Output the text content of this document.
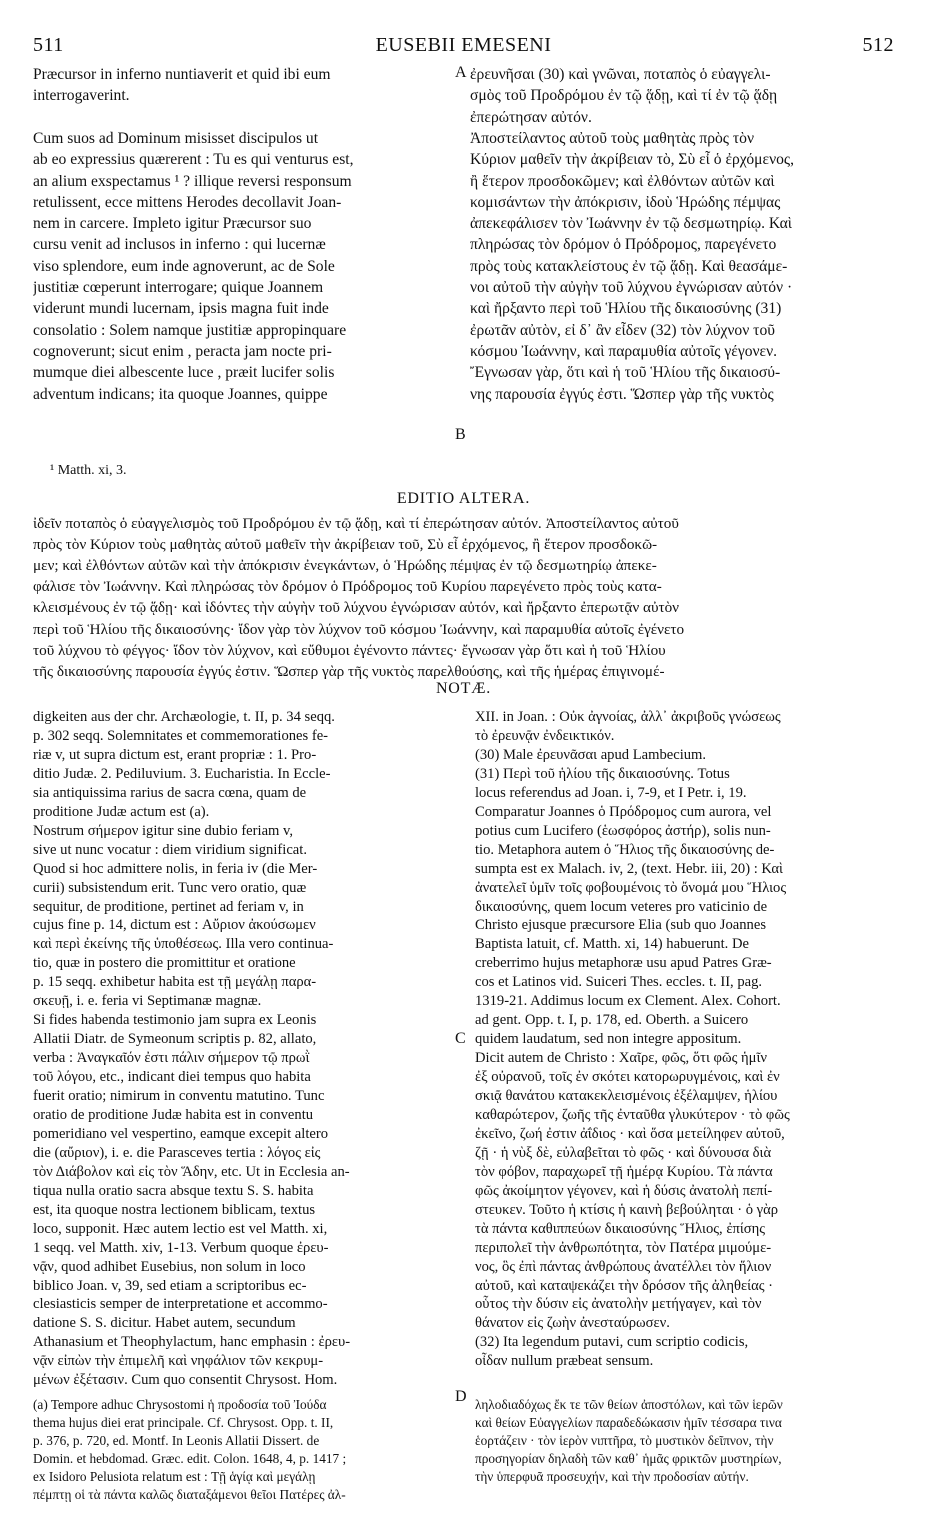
511	EUSEBII EMESENI	512
A
B
C
D
Præcursor in inferno nuntiaverit et quid ibi eum
interrogaverint.
Cum suos ad Dominum misisset discipulos ut
ab eo expressius quærerent : Tu es qui venturus est,
an alium exspectamus ¹ ? illique reversi responsum
retulissent, ecce mittens Herodes decollavit Joan-
nem in carcere. Impleto igitur Præcursor suo
cursu venit ad inclusos in inferno : qui lucernæ
viso splendore, eum inde agnoverunt, ac de Sole
justitiæ cœperunt interrogare; quique Joannem
viderunt mundi lucernam, ipsis magna fuit inde
consolatio : Solem namque justitiæ appropinquare
cognoverunt; sicut enim , peracta jam nocte pri-
mumque diei albescente luce , præit lucifer solis
adventum indicans; ita quoque Joannes, quippe
ἐρευνῆσαι (30) καὶ γνῶναι, ποταπὸς ὁ εὐαγγελι-
σμὸς τοῦ Προδρόμου ἐν τῷ ᾅδῃ, καὶ τί ἐν τῷ ᾅδῃ
ἐπερώτησαν αὐτόν.
Ἀποστείλαντος αὐτοῦ τοὺς μαθητὰς πρὸς τὸν
Κύριον μαθεῖν τὴν ἀκρίβειαν τὸ, Σὺ εἶ ὁ ἐρχόμενος,
ἢ ἕτερον προσδοκῶμεν; καὶ ἐλθόντων αὐτῶν καὶ
κομισάντων τὴν ἀπόκρισιν, ἰδοὺ Ἡρώδης πέμψας
ἀπεκεφάλισεν τὸν Ἰωάννην ἐν τῷ δεσμωτηρίῳ. Καὶ
πληρώσας τὸν δρόμον ὁ Πρόδρομος, παρεγένετο
πρὸς τοὺς κατακλείστους ἐν τῷ ᾅδῃ. Καὶ θεασάμε-
νοι αὐτοῦ τὴν αὐγὴν τοῦ λύχνου ἐγνώρισαν αὐτόν ·
καὶ ἤρξαντο περὶ τοῦ Ἡλίου τῆς δικαιοσύνης (31)
ἐρωτᾶν αὐτὸν, εἰ δ᾽ ἂν εἶδεν (32) τὸν λύχνον τοῦ
κόσμου Ἰωάννην, καὶ παραμυθία αὐτοῖς γέγονεν.
Ἔγνωσαν γὰρ, ὅτι καὶ ἡ τοῦ Ἡλίου τῆς δικαιοσύ-
νης παρουσία ἐγγύς ἐστι. Ὥσπερ γὰρ τῆς νυκτὸς
¹ Matth. xi, 3.
EDITIO ALTERA.
ἰδεῖν ποταπὸς ὁ εὐαγγελισμὸς τοῦ Προδρόμου ἐν τῷ ᾅδῃ, καὶ τί ἐπερώτησαν αὐτόν. Ἀποστείλαντος αὐτοῦ
πρὸς τὸν Κύριον τοὺς μαθητὰς αὐτοῦ μαθεῖν τὴν ἀκρίβειαν τοῦ, Σὺ εἶ ἐρχόμενος, ἢ ἕτερον προσδοκῶ-
μεν; καὶ ἐλθόντων αὐτῶν καὶ τὴν ἀπόκρισιν ἐνεγκάντων, ὁ Ἡρώδης πέμψας ἐν τῷ δεσμωτηρίῳ ἀπεκε-
φάλισε τὸν Ἰωάννην. Καὶ πληρώσας τὸν δρόμον ὁ Πρόδρομος τοῦ Κυρίου παρεγένετο πρὸς τοὺς κατα-
κλεισμένους ἐν τῷ ᾅδῃ· καὶ ἰδόντες τὴν αὐγὴν τοῦ λύχνου ἐγνώρισαν αὐτόν, καὶ ἤρξαντο ἐπερωτᾷν αὐτὸν
περὶ τοῦ Ἡλίου τῆς δικαιοσύνης· ἴδον γὰρ τὸν λύχνον τοῦ κόσμου Ἰωάννην, καὶ παραμυθία αὐτοῖς ἐγένετο
τοῦ λύχνου τὸ φέγγος· ἴδον τὸν λύχνον, καὶ εὔθυμοι ἐγένοντο πάντες· ἔγνωσαν γὰρ ὅτι καὶ ἡ τοῦ Ἡλίου
τῆς δικαιοσύνης παρουσία ἐγγύς ἐστιν. Ὥσπερ γὰρ τῆς νυκτὸς παρελθούσης, καὶ τῆς ἡμέρας ἐπιγινομέ-
NOTÆ.
digkeiten aus der chr. Archæologie, t. II, p. 34 seqq.
p. 302 seqq. Solemnitates et commemorationes fe-
riæ v, ut supra dictum est, erant propriæ : 1. Pro-
ditio Judæ. 2. Pediluvium. 3. Eucharistia. In Eccle-
sia antiquissima rarius de sacra cœna, quam de
proditione Judæ actum est (a).
Nostrum σήμερον igitur sine dubio feriam v,
sive ut nunc vocatur : diem viridium significat.
Quod si hoc admittere nolis, in feria iv (die Mer-
curii) subsistendum erit. Tunc vero oratio, quæ
sequitur, de proditione, pertinet ad feriam v, in
cujus fine p. 14, dictum est : Αὔριον ἀκούσωμεν
καὶ περὶ ἐκείνης τῆς ὑποθέσεως. Illa vero continua-
tio, quæ in postero die promittitur et oratione
p. 15 seqq. exhibetur habita est τῇ μεγάλῃ παρα-
σκευῇ, i. e. feria vi Septimanæ magnæ.
Si fides habenda testimonio jam supra ex Leonis
Allatii Diatr. de Symeonum scriptis p. 82, allato,
verba : Ἀναγκαῖόν ἐστι πάλιν σήμερον τῷ πρωῒ
τοῦ λόγου, etc., indicant diei tempus quo habita
fuerit oratio; nimirum in conventu matutino. Tunc
oratio de proditione Judæ habita est in conventu
pomeridiano vel vespertino, eamque excepit altero
die (αὔριον), i. e. die Parasceves tertia : λόγος εἰς
τὸν Διάβολον καὶ εἰς τὸν Ἅδην, etc. Ut in Ecclesia an-
tiqua nulla oratio sacra absque textu S. S. habita
est, ita quoque nostra lectionem biblicam, textus
loco, supponit. Hæc autem lectio est vel Matth. xi,
1 seqq. vel Matth. xiv, 1-13. Verbum quoque ἐρευ-
νᾷν, quod adhibet Eusebius, non solum in loco
biblico Joan. v, 39, sed etiam a scriptoribus ec-
clesiasticis semper de interpretatione et accommo-
datione S. S. dicitur. Habet autem, secundum
Athanasium et Theophylactum, hanc emphasin : ἐρευ-
νᾷν εἰπὼν τὴν ἐπιμελῆ καὶ νηφάλιον τῶν κεκρυμ-
μένων ἐξέτασιν. Cum quo consentit Chrysost. Hom.
XII. in Joan. : Οὐκ ἀγνοίας, ἀλλ᾽ ἀκριβοῦς γνώσεως
τὸ ἐρευνᾷν ἐνδεικτικόν.
(30) Male ἐρευνᾶσαι apud Lambecium.
(31) Περὶ τοῦ ἡλίου τῆς δικαιοσύνης. Totus
locus referendus ad Joan. i, 7-9, et I Petr. i, 19.
Comparatur Joannes ὁ Πρόδρομος cum aurora, vel
potius cum Lucifero (ἑωσφόρος ἀστήρ), solis nun-
tio. Metaphora autem ὁ Ἥλιος τῆς δικαιοσύνης de-
sumpta est ex Malach. iv, 2, (text. Hebr. iii, 20) : Καὶ
ἀνατελεῖ ὑμῖν τοῖς φοβουμένοις τὸ ὄνομά μου Ἥλιος
δικαιοσύνης, quem locum veteres pro vaticinio de
Christo ejusque præcursore Elia (sub quo Joannes
Baptista latuit, cf. Matth. xi, 14) habuerunt. De
creberrimo hujus metaphoræ usu apud Patres Græ-
cos et Latinos vid. Suiceri Thes. eccles. t. II, pag.
1319-21. Addimus locum ex Clement. Alex. Cohort.
ad gent. Opp. t. I, p. 178, ed. Oberth. a Suicero
quidem laudatum, sed non integre appositum.
Dicit autem de Christo : Χαῖρε, φῶς, ὅτι φῶς ἡμῖν
ἐξ οὐρανοῦ, τοῖς ἐν σκότει κατορωρυγμένοις, καὶ ἐν
σκιᾷ θανάτου κατακεκλεισμένοις ἐξέλαμψεν, ἡλίου
καθαρώτερον, ζωῆς τῆς ἐνταῦθα γλυκύτερον · τὸ φῶς
ἐκεῖνο, ζωή ἐστιν ἀΐδιος · καὶ ὅσα μετείληφεν αὐτοῦ,
ζῇ · ἡ νὺξ δὲ, εὐλαβεῖται τὸ φῶς · καὶ δύνουσα διὰ
τὸν φόβον, παραχωρεῖ τῇ ἡμέρᾳ Κυρίου. Τὰ πάντα
φῶς ἀκοίμητον γέγονεν, καὶ ἡ δύσις ἀνατολὴ πεπί-
στευκεν. Τοῦτο ἡ κτίσις ἡ καινὴ βεβούληται · ὁ γὰρ
τὰ πάντα καθιππεύων δικαιοσύνης Ἥλιος, ἐπίσης
περιπολεῖ τὴν ἀνθρωπότητα, τὸν Πατέρα μιμούμε-
νος, ὃς ἐπὶ πάντας ἀνθρώπους ἀνατέλλει τὸν ἥλιον
αὐτοῦ, καὶ καταψεκάζει τὴν δρόσον τῆς ἀληθείας ·
οὗτος τὴν δύσιν εἰς ἀνατολὴν μετήγαγεν, καὶ τὸν
θάνατον εἰς ζωὴν ἀνεσταύρωσεν.
(32) Ita legendum putavi, cum scriptio codicis,
οἶδαν nullum præbeat sensum.
(a) Tempore adhuc Chrysostomi ἡ προδοσία τοῦ Ἰούδα
thema hujus diei erat principale. Cf. Chrysost. Opp. t. II,
p. 376, p. 720, ed. Montf. In Leonis Allatii Dissert. de
Domin. et hebdomad. Græc. edit. Colon. 1648, 4, p. 1417 ;
ex Isidoro Pelusiota relatum est : Τῇ ἁγίᾳ καὶ μεγάλῃ
πέμπτῃ οἱ τὰ πάντα καλῶς διαταξάμενοι θεῖοι Πατέρες ἀλ-
ληλοδιαδόχως ἔκ τε τῶν θείων ἀποστόλων, καὶ τῶν ἱερῶν
καὶ θείων Εὐαγγελίων παραδεδώκασιν ἡμῖν τέσσαρα τινα
ἑορτάζειν · τὸν ἱερὸν νιπτῆρα, τὸ μυστικὸν δεῖπνον, τὴν
προσηγορίαν δηλαδὴ τῶν καθ᾽ ἡμᾶς φρικτῶν μυστηρίων,
τὴν ὑπερφυᾶ προσευχήν, καὶ τὴν προδοσίαν αὐτήν.
